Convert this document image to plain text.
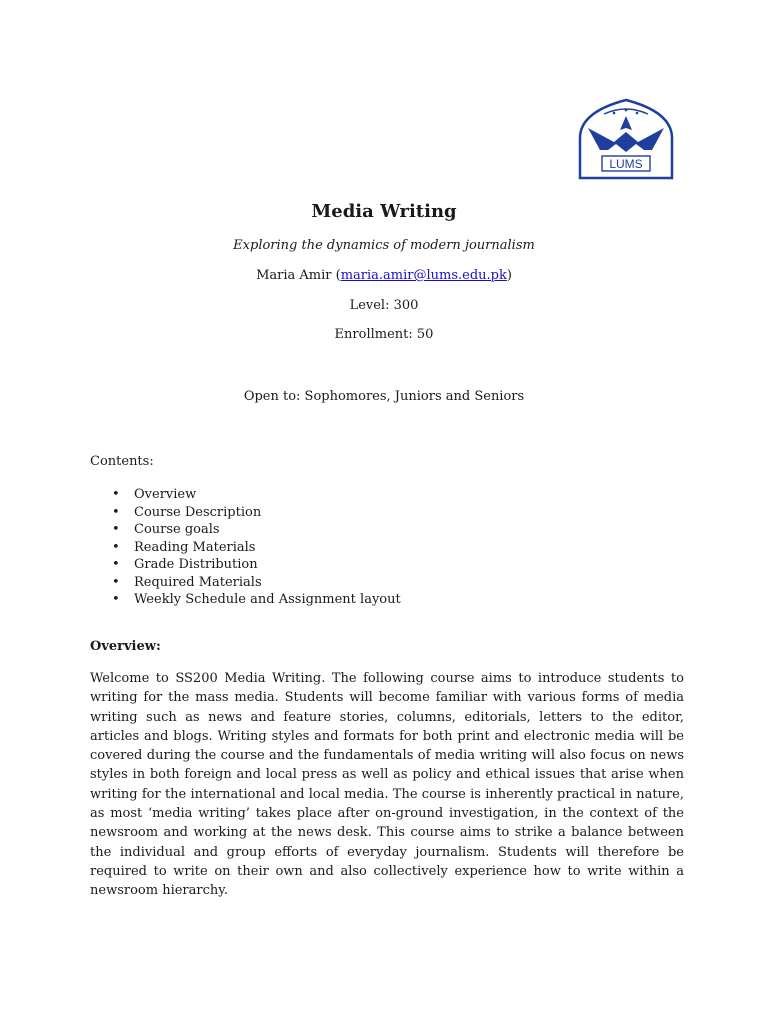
LUMS
Media Writing
Exploring the dynamics of modern journalism
Maria Amir (maria.amir@lums.edu.pk)
Level: 300
Enrollment: 50
Open to: Sophomores, Juniors and Seniors
Contents:
• Overview
• Course Description
• Course goals
• Reading Materials
• Grade Distribution
• Required Materials
• Weekly Schedule and Assignment layout
Overview:

Welcome to SS200 Media Writing. The following course aims to introduce students to writing for the mass media. Students will become familiar with various forms of media writing such as news and feature stories, columns, editorials, letters to the editor, articles and blogs. Writing styles and formats for both print and electronic media will be covered during the course and the fundamentals of media writing will also focus on news styles in both foreign and local press as well as policy and ethical issues that arise when writing for the international and local media. The course is inherently practical in nature, as most ‘media writing’ takes place after on-ground investigation, in the context of the newsroom and working at the news desk. This course aims to strike a balance between the individual and group efforts of everyday journalism. Students will therefore be required to write on their own and also collectively experience how to write within a newsroom hierarchy.
